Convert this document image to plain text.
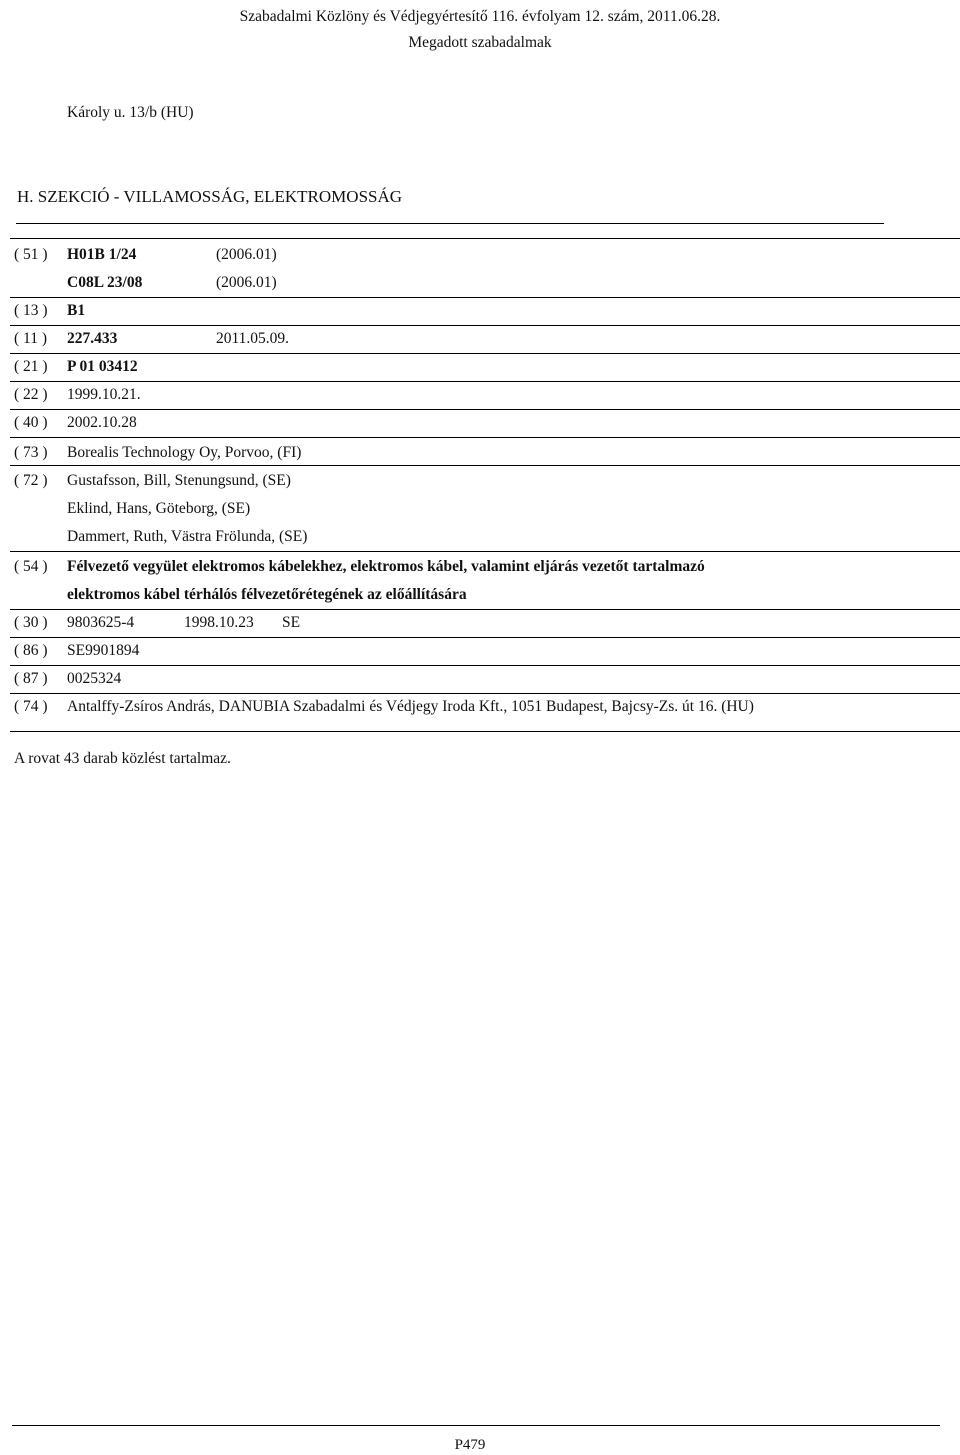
Szabadalmi Közlöny és Védjegyértesítő 116. évfolyam 12. szám, 2011.06.28.
Megadott szabadalmak
Károly u. 13/b (HU)
H. SZEKCIÓ - VILLAMOSSÁG, ELEKTROMOSSÁG
( 51 ) H01B 1/24	(2006.01)
C08L 23/08	(2006.01)
( 13 ) B1
( 11 ) 227.433	2011.05.09.
( 21 ) P 01 03412
( 22 ) 1999.10.21.
( 40 ) 2002.10.28
( 73 ) Borealis Technology Oy, Porvoo, (FI)
( 72 ) Gustafsson, Bill, Stenungsund, (SE)
Eklind, Hans, Göteborg, (SE)
Dammert, Ruth, Västra Frölunda, (SE)
( 54 ) Félvezető vegyület elektromos kábelekhez, elektromos kábel, valamint eljárás vezetőt tartalmazó
elektromos kábel térhálós félvezetőrétegének az előállítására
( 30 ) 9803625-4	1998.10.23 SE
( 86 ) SE9901894
( 87 ) 0025324
( 74 ) Antalffy-Zsíros András, DANUBIA Szabadalmi és Védjegy Iroda Kft., 1051 Budapest, Bajcsy-Zs. út 16. (HU)
A rovat 43 darab közlést tartalmaz.
P479
